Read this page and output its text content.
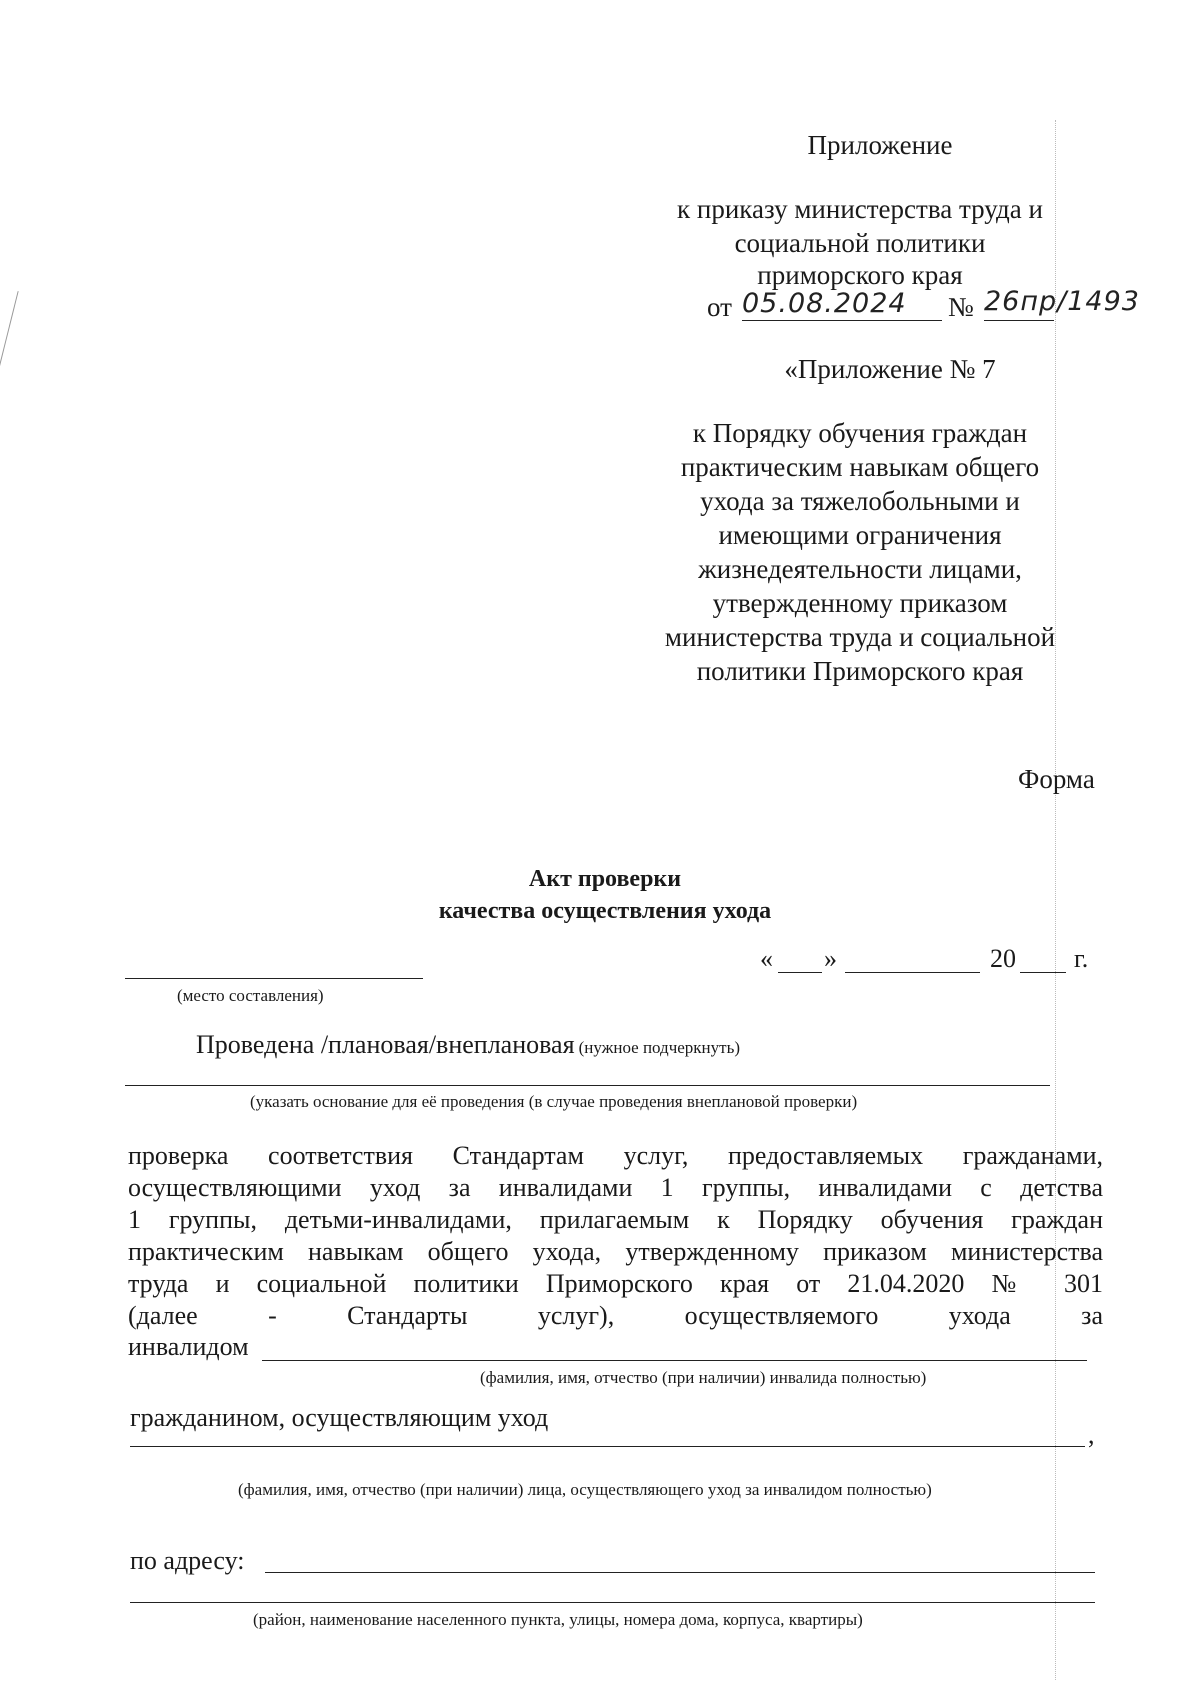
Приложение
к приказу министерства труда и
социальной политики
приморского края
от 05.08.2024 № 26пр/1493
«Приложение № 7
к Порядку обучения граждан
практическим навыкам общего
ухода за тяжелобольными и
имеющими ограничения
жизнедеятельности лицами,
утвержденному приказом
министерства труда и социальной
политики Приморского края
Форма
Акт проверки
качества осуществления ухода
(место составления)
« »	20 г.
Проведена /плановая/внеплановая (нужное подчеркнуть)
(указать основание для её проведения (в случае проведения внеплановой проверки)
проверка соответствия Стандартам услуг, предоставляемых гражданами,
осуществляющими уход за инвалидами 1 группы, инвалидами с детства
1 группы, детьми-инвалидами, прилагаемым к Порядку обучения граждан
практическим навыкам общего ухода, утвержденному приказом министерства
труда и социальной политики Приморского края от 21.04.2020 № 301
(далее - Стандарты услуг), осуществляемого ухода за
инвалидом
(фамилия, имя, отчество (при наличии) инвалида полностью)
гражданином, осуществляющим уход
,
(фамилия, имя, отчество (при наличии) лица, осуществляющего уход за инвалидом полностью)
по адресу:
(район, наименование населенного пункта, улицы, номера дома, корпуса, квартиры)
